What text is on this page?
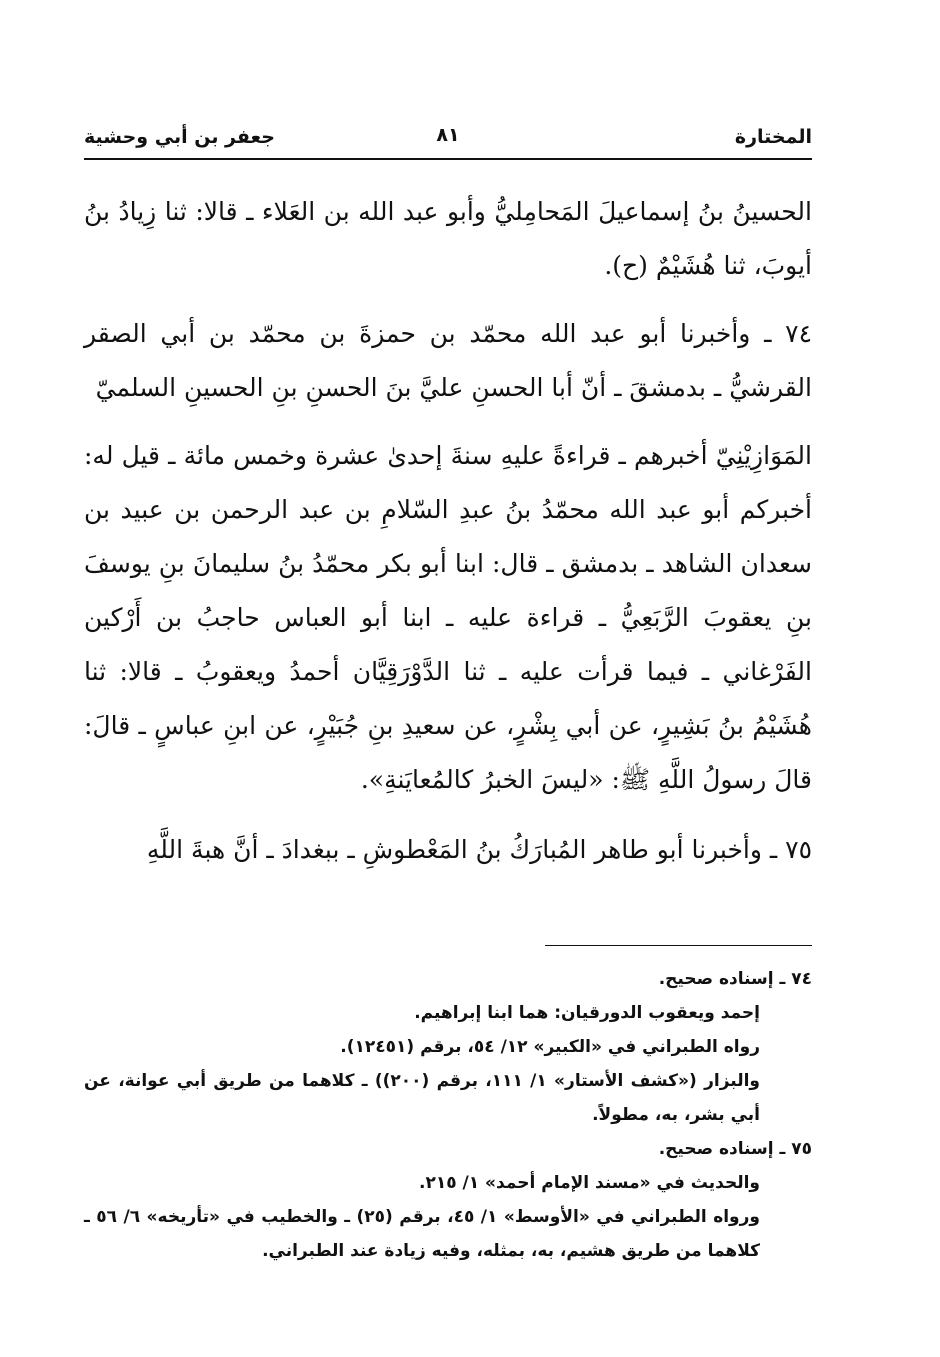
المختارة
٨١
جعفر بن أبي وحشية

الحسينُ بنُ إسماعيلَ المَحامِليُّ وأبو عبد الله بن العَلاء ـ قالا: ثنا زِيادُ بنُ أيوبَ، ثنا هُشَيْمٌ (ح).

٧٤ ـ وأخبرنا أبو عبد الله محمّد بن حمزةَ بن محمّد بن أبي الصقر القرشيُّ ـ بدمشقَ ـ أنّ أبا الحسنِ عليَّ بنَ الحسنِ بنِ الحسينِ السلميّ

المَوَازِيْنِيّ أخبرهم ـ قراءةً عليهِ سنةَ إحدىٰ عشرة وخمس مائة ـ قيل له: أخبركم أبو عبد الله محمّدُ بنُ عبدِ السّلامِ بن عبد الرحمن بن عبيد بن سعدان الشاهد ـ بدمشق ـ قال: ابنا أبو بكر محمّدُ بنُ سليمانَ بنِ يوسفَ بنِ يعقوبَ الرَّبَعِيُّ ـ قراءة عليه ـ ابنا أبو العباس حاجبُ بن أَرْكين الفَرْغاني ـ فيما قرأت عليه ـ ثنا الدَّوْرَقِيَّان أحمدُ ويعقوبُ ـ قالا: ثنا هُشَيْمُ بنُ بَشِيرٍ، عن أبي بِشْرٍ، عن سعيدِ بنِ جُبَيْرٍ، عن ابنِ عباسٍ ـ قالَ: قالَ رسولُ اللَّهِ ﷺ: «ليسَ الخبرُ كالمُعايَنةِ».

٧٥ ـ وأخبرنا أبو طاهر المُبارَكُ بنُ المَعْطوشِ ـ ببغدادَ ـ أنَّ هبةَ اللَّهِ

٧٤ ـ إسناده صحيح.

إحمد ويعقوب الدورقيان: هما ابنا إبراهيم.

رواه الطبراني في «الكبير» ١٢/ ٥٤، برقم (١٢٤٥١).

والبزار («كشف الأستار» ١/ ١١١، برقم (٢٠٠)) ـ كلاهما من طريق أبي عوانة، عن أبي بشر، به، مطولاً.

٧٥ ـ إسناده صحيح.

والحديث في «مسند الإمام أحمد» ١/ ٢١٥.

ورواه الطبراني في «الأوسط» ١/ ٤٥، برقم (٢٥) ـ والخطيب في «تأريخه» ٦/ ٥٦ ـ كلاهما من طريق هشيم، به، بمثله، وفيه زيادة عند الطبراني.
